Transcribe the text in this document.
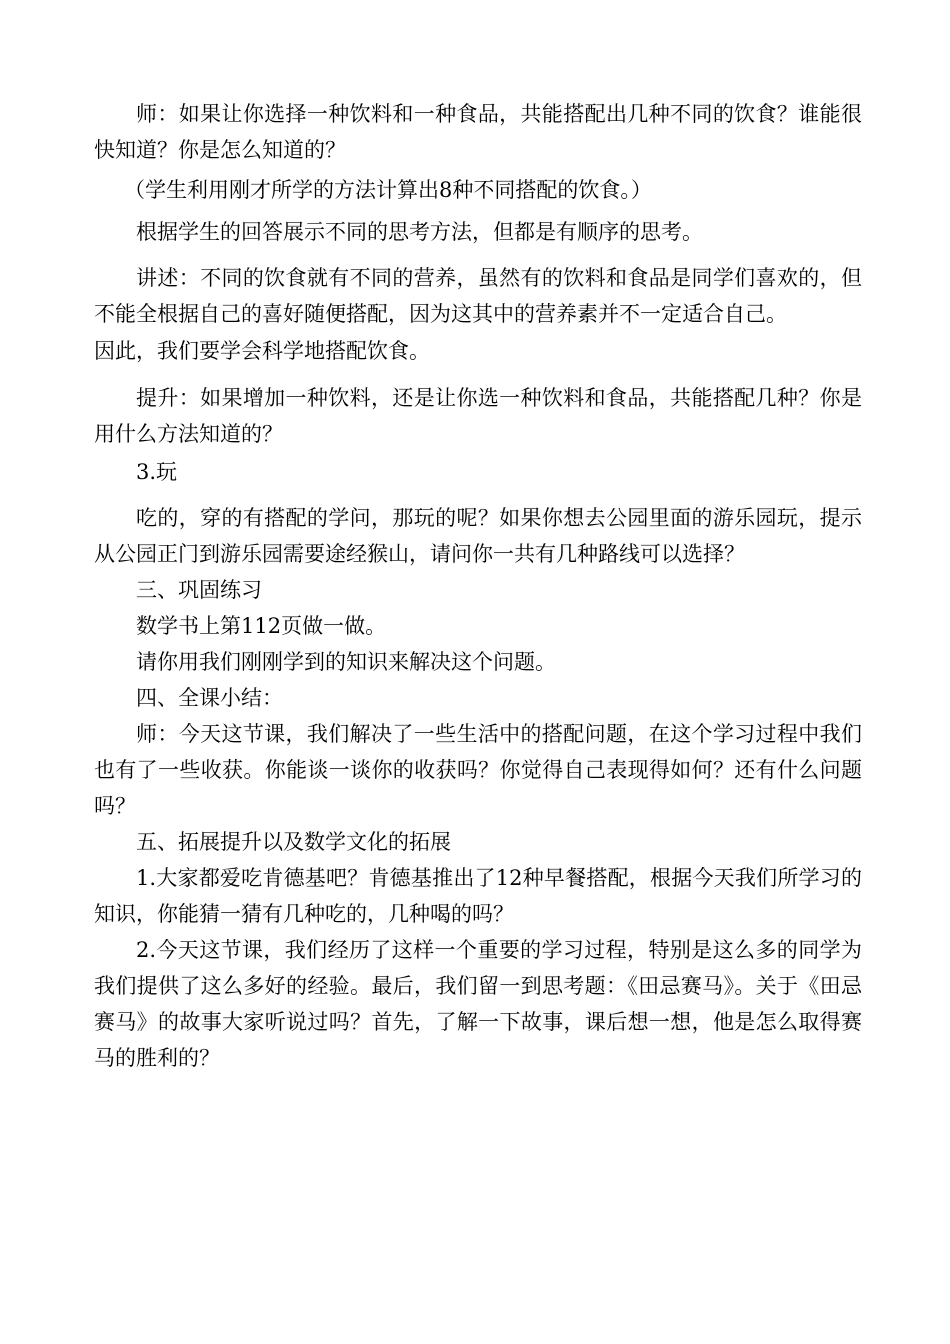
师：如果让你选择一种饮料和一种食品，共能搭配出几种不同的饮食？谁能很快知道？你是怎么知道的？

（学生利用刚才所学的方法计算出8种不同搭配的饮食。）

根据学生的回答展示不同的思考方法，但都是有顺序的思考。

讲述：不同的饮食就有不同的营养，虽然有的饮料和食品是同学们喜欢的，但不能全根据自己的喜好随便搭配，因为这其中的营养素并不一定适合自己。

因此，我们要学会科学地搭配饮食。

提升：如果增加一种饮料，还是让你选一种饮料和食品，共能搭配几种？你是用什么方法知道的？

3.玩

吃的，穿的有搭配的学问，那玩的呢？如果你想去公园里面的游乐园玩，提示从公园正门到游乐园需要途经猴山，请问你一共有几种路线可以选择？

三、巩固练习

数学书上第112页做一做。

请你用我们刚刚学到的知识来解决这个问题。

四、全课小结：

师：今天这节课，我们解决了一些生活中的搭配问题，在这个学习过程中我们也有了一些收获。你能谈一谈你的收获吗？你觉得自己表现得如何？还有什么问题吗？

五、拓展提升以及数学文化的拓展

1.大家都爱吃肯德基吧？肯德基推出了12种早餐搭配，根据今天我们所学习的知识，你能猜一猜有几种吃的，几种喝的吗？

2.今天这节课，我们经历了这样一个重要的学习过程，特别是这么多的同学为我们提供了这么多好的经验。最后，我们留一到思考题：《田忌赛马》。关于《田忌赛马》的故事大家听说过吗？首先，了解一下故事，课后想一想，他是怎么取得赛马的胜利的？
